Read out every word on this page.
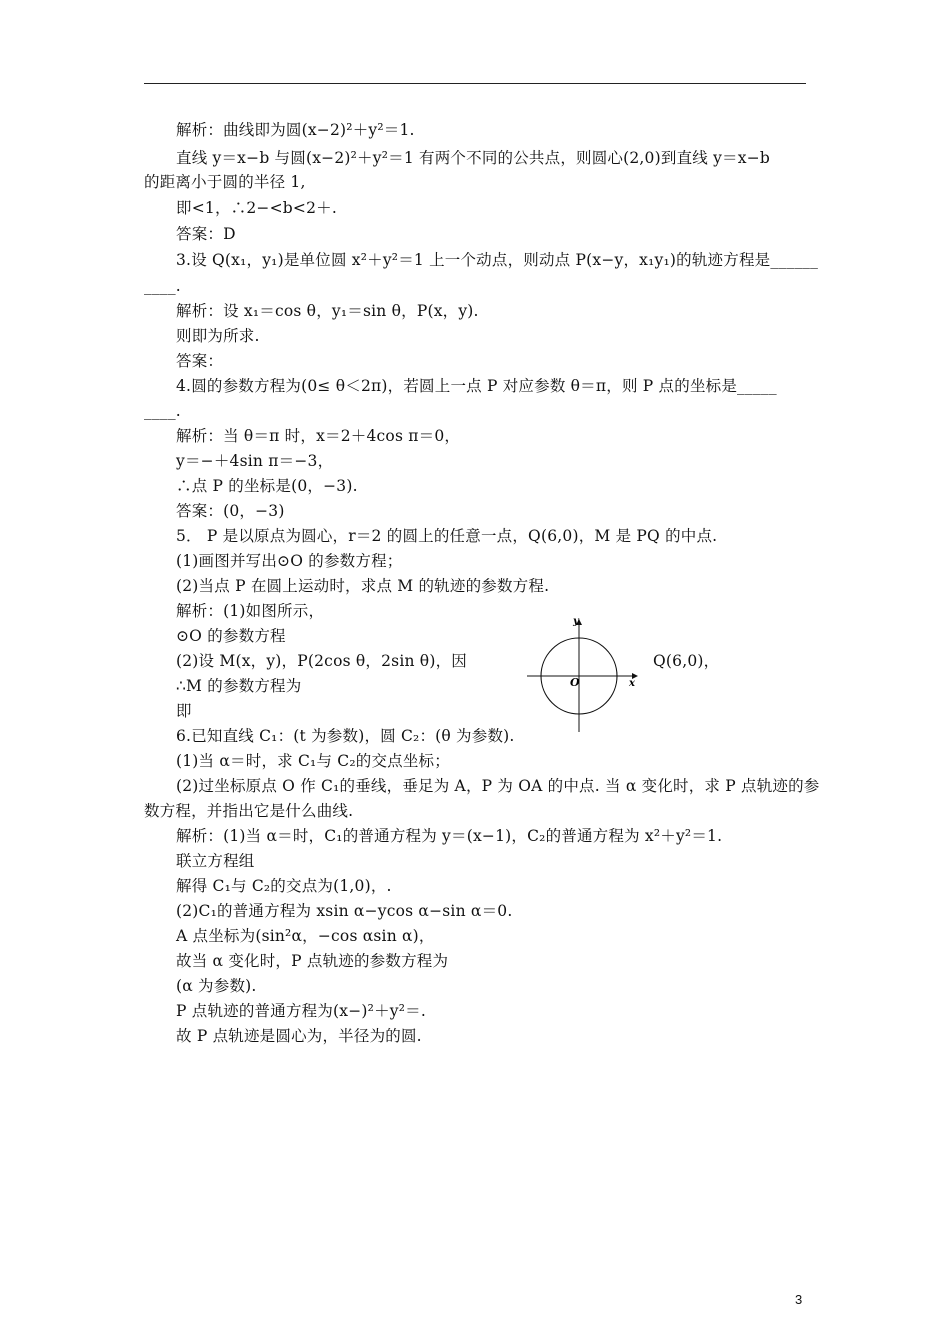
解析：曲线即为圆(x−2)²＋y²＝1.
直线 y＝x−b 与圆(x−2)²＋y²＝1 有两个不同的公共点，则圆心(2,0)到直线 y＝x−b
的距离小于圆的半径 1,
即<1，∴2−<b<2＋.
答案：D
3.设 Q(x₁，y₁)是单位圆 x²＋y²＝1 上一个动点，则动点 P(x−y，x₁y₁)的轨迹方程是______
____.
解析：设 x₁＝cos θ，y₁＝sin θ，P(x，y).
则即为所求.
答案：
4.圆的参数方程为(0≤ θ＜2π)，若圆上一点 P 对应参数 θ＝π，则 P 点的坐标是_____
____.
解析：当 θ＝π 时，x＝2＋4cos π＝0，
y＝−＋4sin π＝−3，
∴点 P 的坐标是(0，−3).
答案：(0，−3)
5． P 是以原点为圆心，r＝2 的圆上的任意一点，Q(6,0)，M 是 PQ 的中点.
(1)画图并写出⊙O 的参数方程；
(2)当点 P 在圆上运动时，求点 M 的轨迹的参数方程.
解析：(1)如图所示，
⊙O 的参数方程
(2)设 M(x，y)，P(2cos θ，2sin θ)，因	Q(6,0)，
∴M 的参数方程为
即
6.已知直线 C₁：(t 为参数)，圆 C₂：(θ 为参数).
(1)当 α＝时，求 C₁与 C₂的交点坐标；
(2)过坐标原点 O 作 C₁的垂线，垂足为 A，P 为 OA 的中点. 当 α 变化时，求 P 点轨迹的参
数方程，并指出它是什么曲线.
解析：(1)当 α＝时，C₁的普通方程为 y＝(x−1)，C₂的普通方程为 x²＋y²＝1.
联立方程组
解得 C₁与 C₂的交点为(1,0)，.
(2)C₁的普通方程为 xsin α−ycos α−sin α＝0.
A 点坐标为(sin²α，−cos αsin α)，
故当 α 变化时，P 点轨迹的参数方程为
(α 为参数).
P 点轨迹的普通方程为(x−)²＋y²＝.
故 P 点轨迹是圆心为，半径为的圆.
y
x
O
3
